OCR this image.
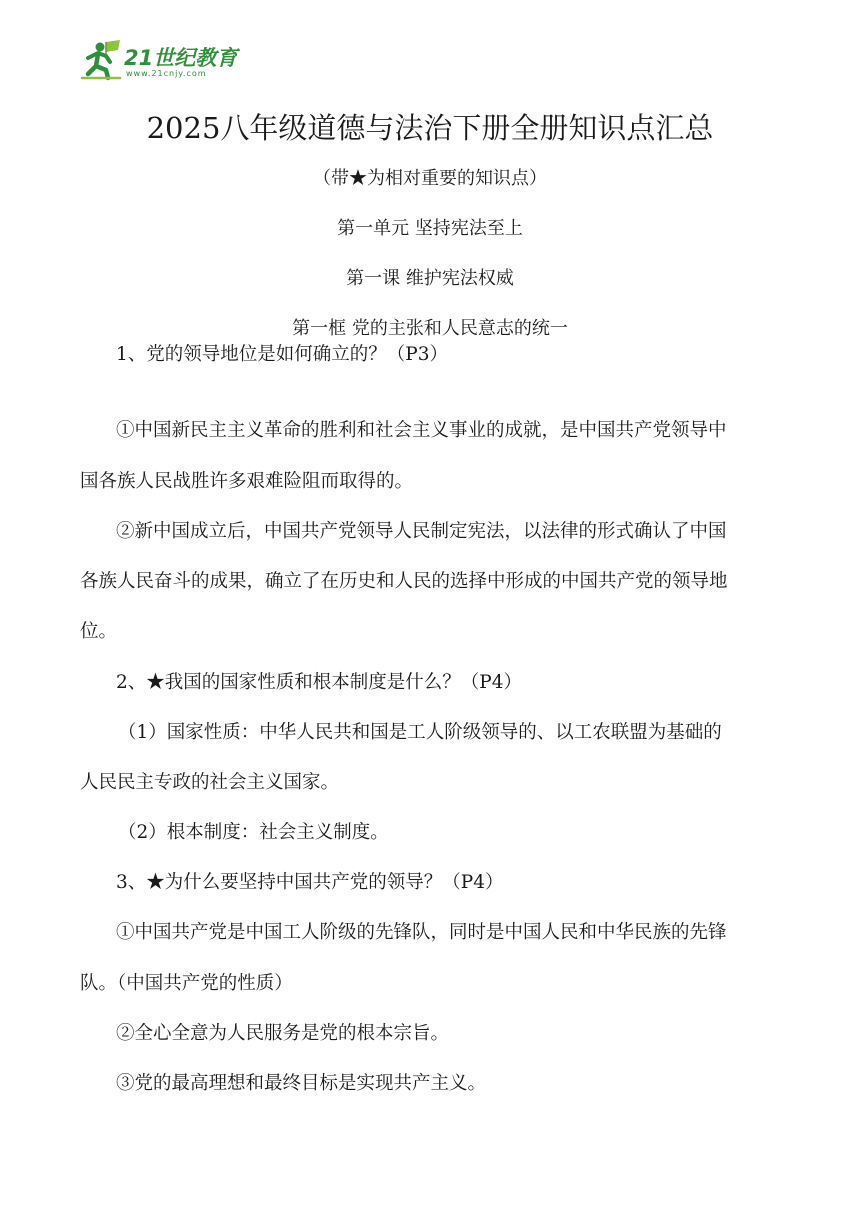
21世纪教育
www.21cnjy.com
2025八年级道德与法治下册全册知识点汇总
（带★为相对重要的知识点）
第一单元 坚持宪法至上
第一课 维护宪法权威
第一框 党的主张和人民意志的统一
1、党的领导地位是如何确立的？（P3）
①中国新民主主义革命的胜利和社会主义事业的成就，是中国共产党领导中
国各族人民战胜许多艰难险阻而取得的。
②新中国成立后，中国共产党领导人民制定宪法，以法律的形式确认了中国
各族人民奋斗的成果，确立了在历史和人民的选择中形成的中国共产党的领导地
位。
2、★我国的国家性质和根本制度是什么？（P4）
（1）国家性质：中华人民共和国是工人阶级领导的、以工农联盟为基础的
人民民主专政的社会主义国家。
（2）根本制度：社会主义制度。
3、★为什么要坚持中国共产党的领导？（P4）
①中国共产党是中国工人阶级的先锋队，同时是中国人民和中华民族的先锋
队。（中国共产党的性质）
②全心全意为人民服务是党的根本宗旨。
③党的最高理想和最终目标是实现共产主义。
